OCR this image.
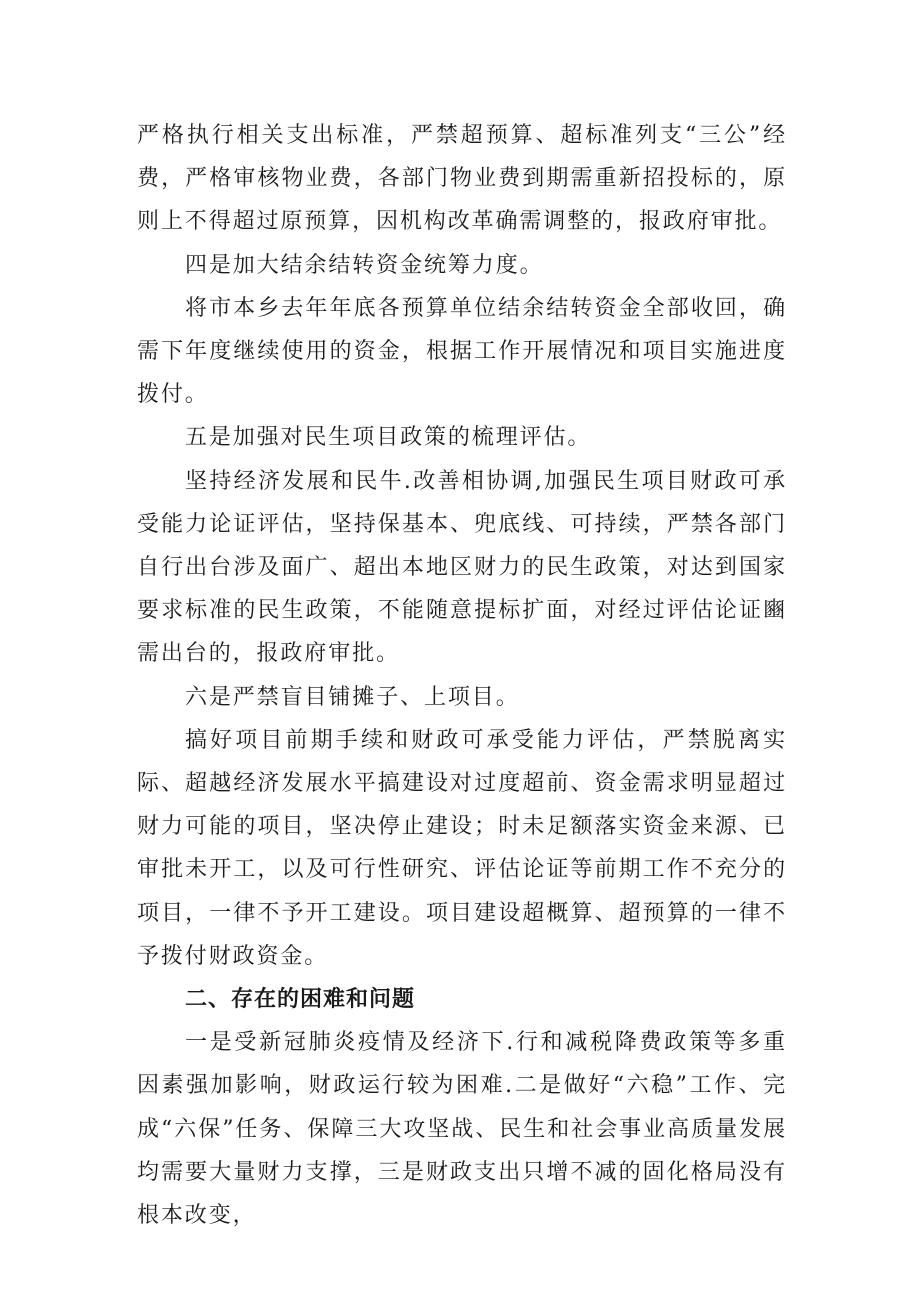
严格执行相关支出标准，严禁超预算、超标准列支“三公”经费，严格审核物业费，各部门物业费到期需重新招投标的，原则上不得超过原预算，因机构改革确需调整的，报政府审批。

四是加大结余结转资金统筹力度。

将市本乡去年年底各预算单位结余结转资金全部收回，确需下年度继续使用的资金，根据工作开展情况和项目实施进度拨付。

五是加强对民生项目政策的梳理评估。

坚持经济发展和民牛.改善相协调,加强民生项目财政可承受能力论证评估，坚持保基本、兜底线、可持续，严禁各部门自行出台涉及面广、超出本地区财力的民生政策，对达到国家要求标准的民生政策，不能随意提标扩面，对经过评估论证豳需出台的，报政府审批。

六是严禁盲目铺摊子、上项目。

搞好项目前期手续和财政可承受能力评估，严禁脱离实际、超越经济发展水平搞建设对过度超前、资金需求明显超过财力可能的项目，坚决停止建设；时未足额落实资金来源、已审批未开工，以及可行性研究、评估论证等前期工作不充分的项目，一律不予开工建设。项目建设超概算、超预算的一律不予拨付财政资金。

二、存在的困难和问题

一是受新冠肺炎疫情及经济下.行和减税降费政策等多重因素强加影响，财政运行较为困难.二是做好“六稳”工作、完成“六保”任务、保障三大攻坚战、民生和社会事业高质量发展均需要大量财力支撑，三是财政支出只增不减的固化格局没有根本改变，
